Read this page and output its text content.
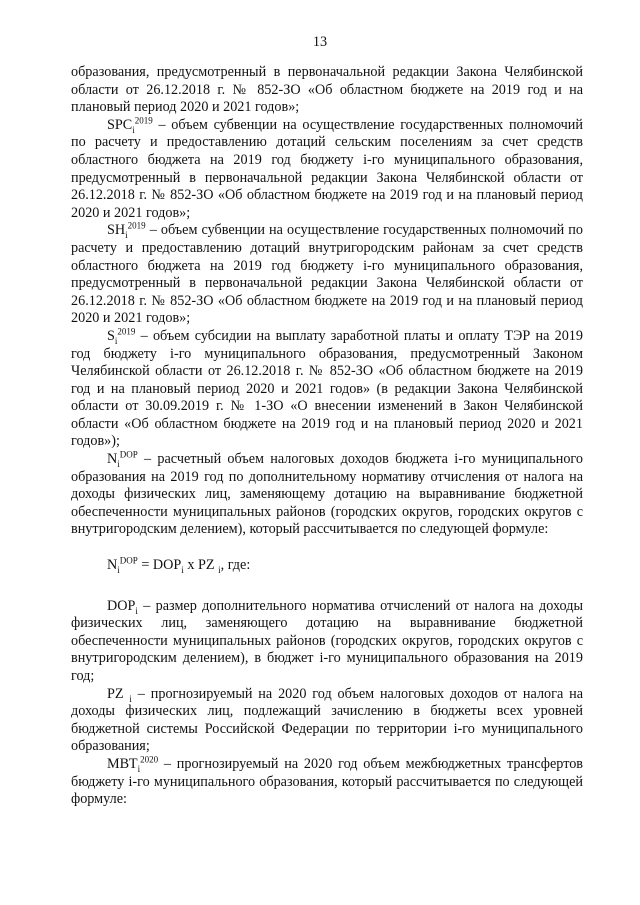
13

образования, предусмотренный в первоначальной редакции Закона Челябинской области от 26.12.2018 г. № 852-ЗО «Об областном бюджете на 2019 год и на плановый период 2020 и 2021 годов»;

$SPC_i^{2019}$ – объем субвенции на осуществление государственных полномочий по расчету и предоставлению дотаций сельским поселениям за счет средств областного бюджета на 2019 год бюджету i-го муниципального образования, предусмотренный в первоначальной редакции Закона Челябинской области от 26.12.2018 г. № 852-ЗО «Об областном бюджете на 2019 год и на плановый период 2020 и 2021 годов»;

$SH_i^{2019}$ – объем субвенции на осуществление государственных полномочий по расчету и предоставлению дотаций внутригородским районам за счет средств областного бюджета на 2019 год бюджету i-го муниципального образования, предусмотренный в первоначальной редакции Закона Челябинской области от 26.12.2018 г. № 852-ЗО «Об областном бюджете на 2019 год и на плановый период 2020 и 2021 годов»;

$S_i^{2019}$ – объем субсидии на выплату заработной платы и оплату ТЭР на 2019 год бюджету i-го муниципального образования, предусмотренный Законом Челябинской области от 26.12.2018 г. № 852-ЗО «Об областном бюджете на 2019 год и на плановый период 2020 и 2021 годов» (в редакции Закона Челябинской области от 30.09.2019 г. № 1-ЗО «О внесении изменений в Закон Челябинской области «Об областном бюджете на 2019 год и на плановый период 2020 и 2021 годов»);

$N_i^{DOP}$ – расчетный объем налоговых доходов бюджета i-го муниципального образования на 2019 год по дополнительному нормативу отчисления от налога на доходы физических лиц, заменяющему дотацию на выравнивание бюджетной обеспеченности муниципальных районов (городских округов, городских округов с внутригородским делением), который рассчитывается по следующей формуле:

$N_i^{DOP} = DOP_i$ x PZ $_i$, где:

$DOP_i$ – размер дополнительного норматива отчислений от налога на доходы физических лиц, заменяющего дотацию на выравнивание бюджетной обеспеченности муниципальных районов (городских округов, городских округов с внутригородским делением), в бюджет i-го муниципального образования на 2019 год;

PZ $_i$ – прогнозируемый на 2020 год объем налоговых доходов от налога на доходы физических лиц, подлежащий зачислению в бюджеты всех уровней бюджетной системы Российской Федерации по территории i-го муниципального образования;

$МВТ_i^{2020}$ – прогнозируемый на 2020 год объем межбюджетных трансфертов бюджету i-го муниципального образования, который рассчитывается по следующей формуле:
